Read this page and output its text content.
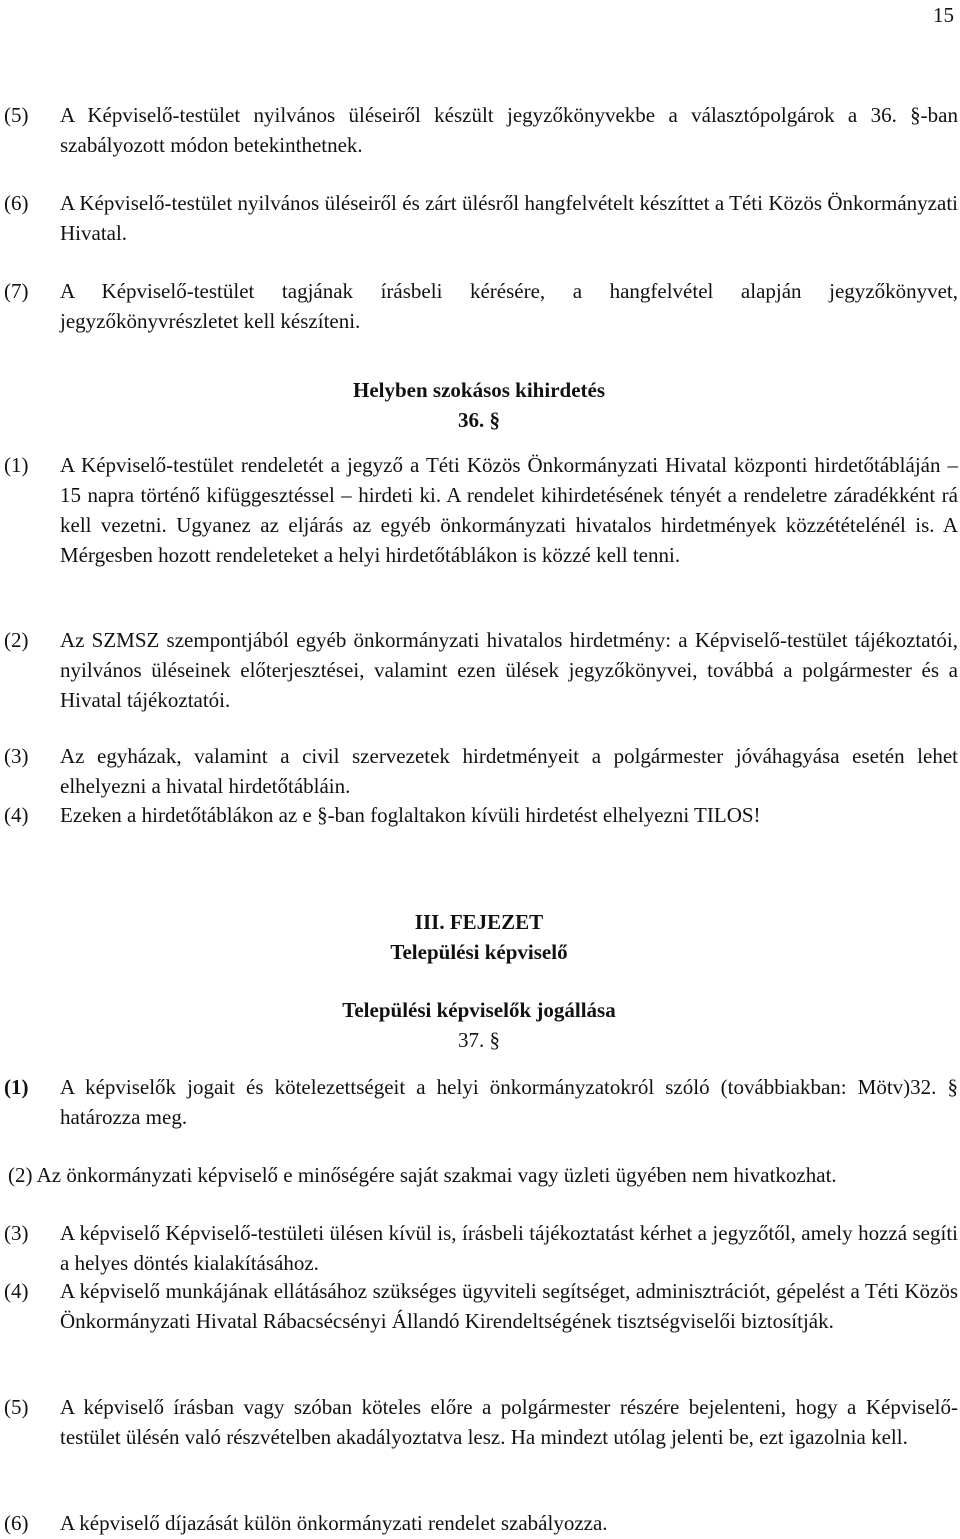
15
(5) A Képviselő-testület nyilvános üléseiről készült jegyzőkönyvekbe a választópolgárok a 36. §-ban szabályozott módon betekinthetnek.
(6) A Képviselő-testület nyilvános üléseiről és zárt ülésről hangfelvételt készíttet a Téti Közös Önkormányzati Hivatal.
(7) A Képviselő-testület tagjának írásbeli kérésére, a hangfelvétel alapján jegyzőkönyvet, jegyzőkönyvrészletet kell készíteni.
Helyben szokásos kihirdetés
36. §
(1) A Képviselő-testület rendeletét a jegyző a Téti Közös Önkormányzati Hivatal központi hirdetőtábláján ‒ 15 napra történő kifüggesztéssel ‒ hirdeti ki. A rendelet kihirdetésének tényét a rendeletre záradékként rá kell vezetni. Ugyanez az eljárás az egyéb önkormányzati hivatalos hirdetmények közzétételénél is. A Mérgesben hozott rendeleteket a helyi hirdetőtáblákon is közzé kell tenni.
(2) Az SZMSZ szempontjából egyéb önkormányzati hivatalos hirdetmény: a Képviselő-testület tájékoztatói, nyilvános üléseinek előterjesztései, valamint ezen ülések jegyzőkönyvei, továbbá a polgármester és a Hivatal tájékoztatói.
(3) Az egyházak, valamint a civil szervezetek hirdetményeit a polgármester jóváhagyása esetén lehet elhelyezni a hivatal hirdetőtábláin.
(4) Ezeken a hirdetőtáblákon az e §-ban foglaltakon kívüli hirdetést elhelyezni TILOS!
III. FEJEZET
Települési képviselő
Települési képviselők jogállása
37. §
(1) A képviselők jogait és kötelezettségeit a helyi önkormányzatokról szóló (továbbiakban: Mötv)32. § határozza meg.
(2) Az önkormányzati képviselő e minőségére saját szakmai vagy üzleti ügyében nem hivatkozhat.
(3) A képviselő Képviselő-testületi ülésen kívül is, írásbeli tájékoztatást kérhet a jegyzőtől, amely hozzá segíti a helyes döntés kialakításához.
(4) A képviselő munkájának ellátásához szükséges ügyviteli segítséget, adminisztrációt, gépelést a Téti Közös Önkormányzati Hivatal Rábacsécsényi Állandó Kirendeltségének tisztségviselői biztosítják.
(5) A képviselő írásban vagy szóban köteles előre a polgármester részére bejelenteni, hogy a Képviselő-testület ülésén való részvételben akadályoztatva lesz. Ha mindezt utólag jelenti be, ezt igazolnia kell.
(6) A képviselő díjazását külön önkormányzati rendelet szabályozza.
